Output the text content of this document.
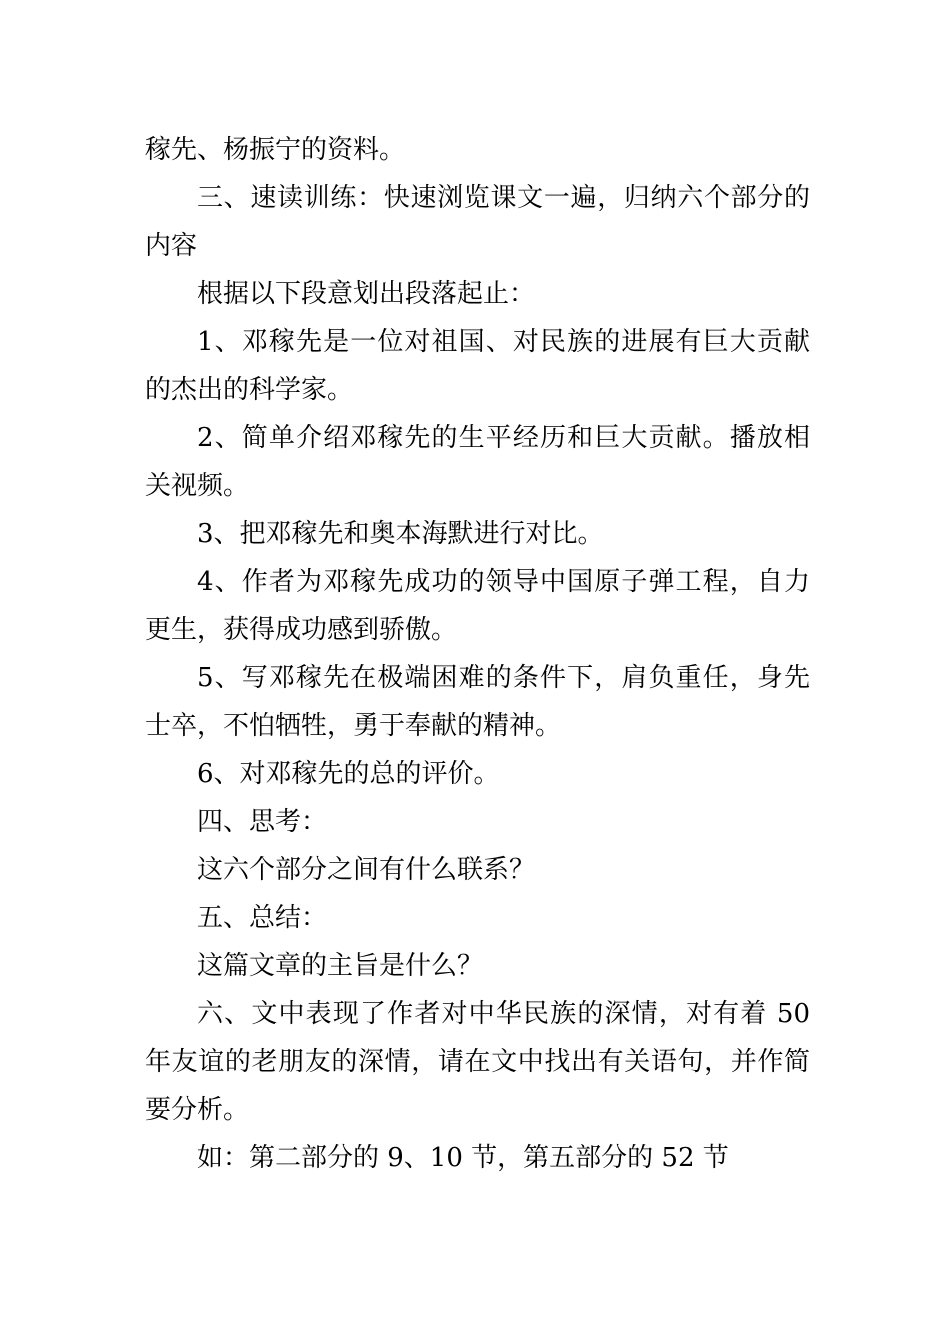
稼先、杨振宁的资料。

三、速读训练：快速浏览课文一遍，归纳六个部分的内容

根据以下段意划出段落起止：

1、邓稼先是一位对祖国、对民族的进展有巨大贡献的杰出的科学家。

2、简单介绍邓稼先的生平经历和巨大贡献。播放相关视频。

3、把邓稼先和奥本海默进行对比。

4、作者为邓稼先成功的领导中国原子弹工程，自力更生，获得成功感到骄傲。

5、写邓稼先在极端困难的条件下，肩负重任，身先士卒，不怕牺牲，勇于奉献的精神。

6、对邓稼先的总的评价。

四、思考：

这六个部分之间有什么联系？

五、总结：

这篇文章的主旨是什么？

六、文中表现了作者对中华民族的深情，对有着 50 年友谊的老朋友的深情，请在文中找出有关语句，并作简要分析。

如：第二部分的 9、10 节，第五部分的 52 节
